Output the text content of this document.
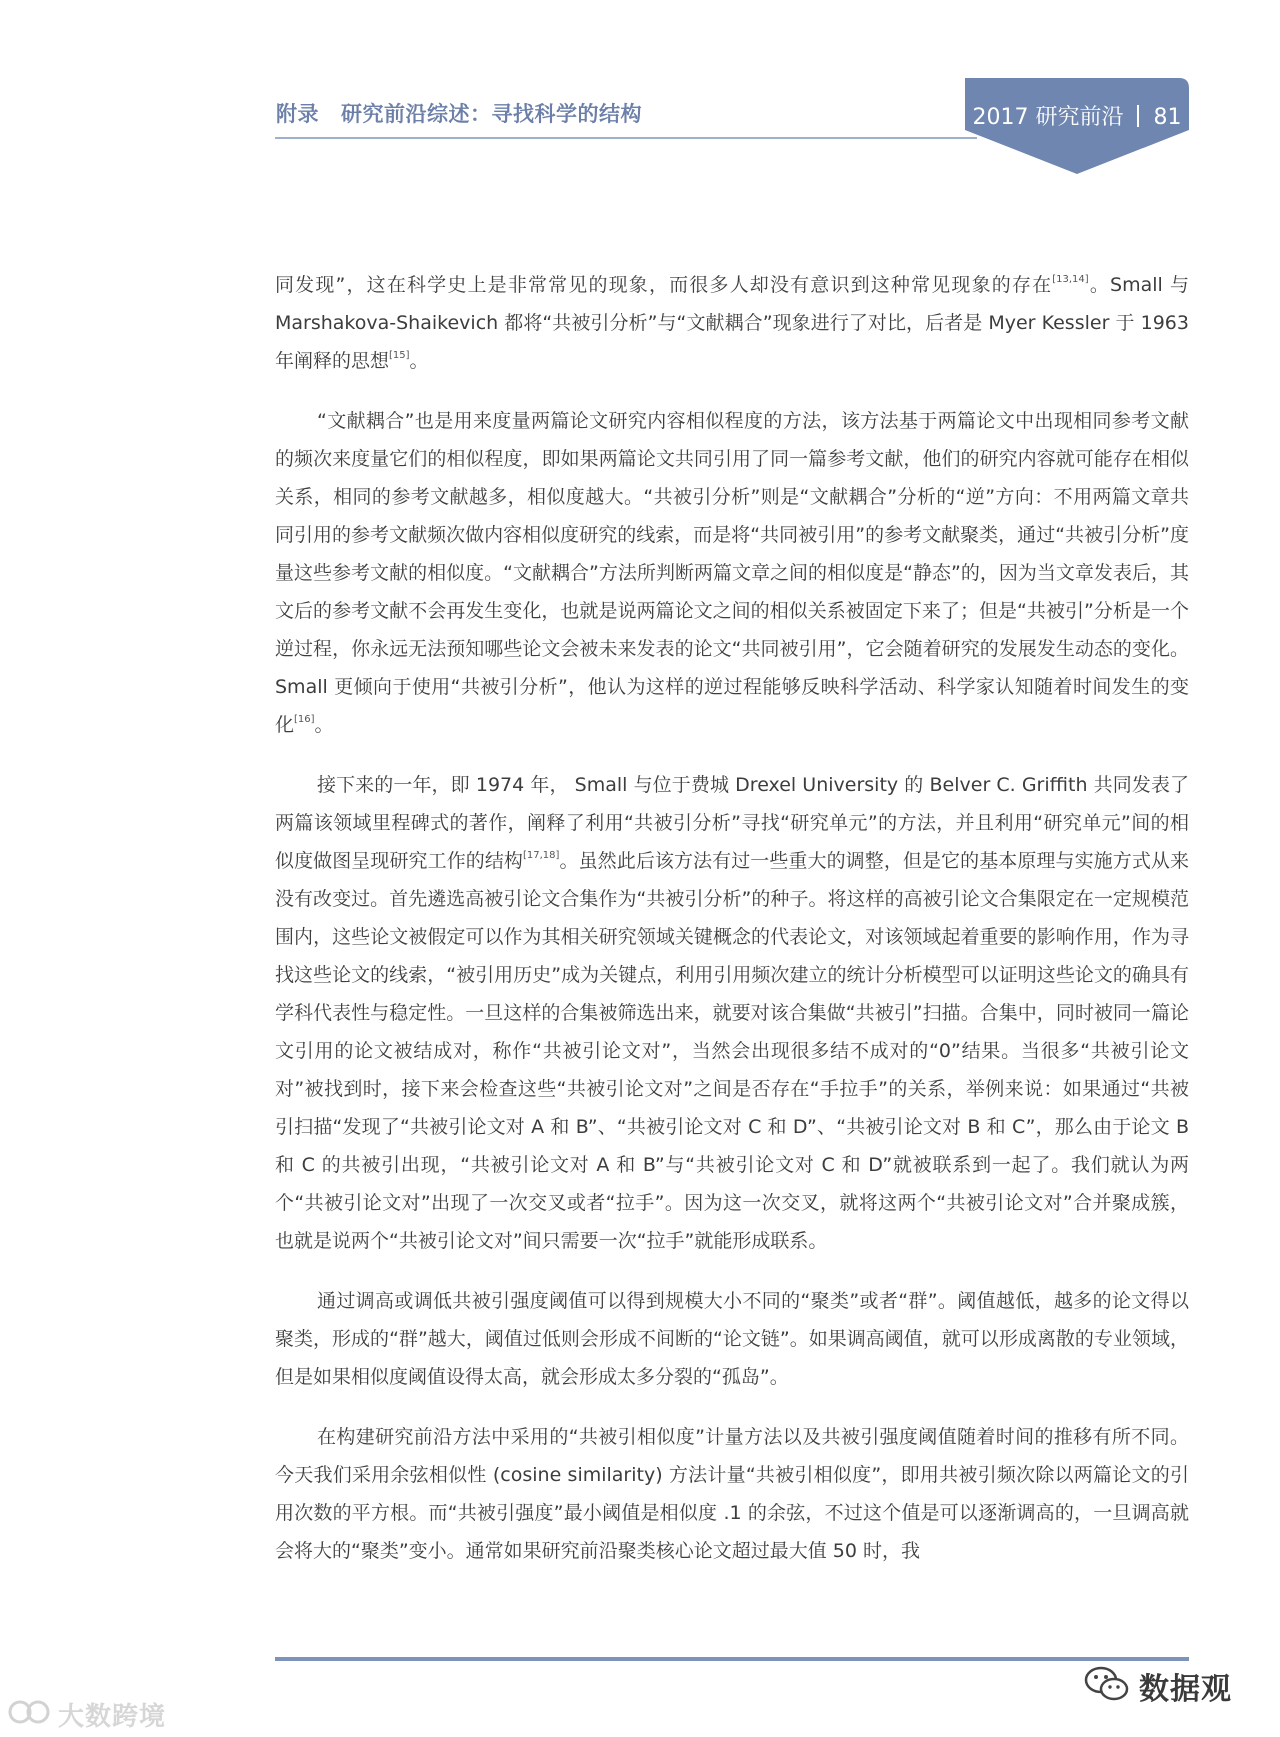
附录 研究前沿综述：寻找科学的结构	2017 研究前沿 81

同发现”，这在科学史上是非常常见的现象，而很多人却没有意识到这种常见现象的存在[13,14]。Small 与 Marshakova-Shaikevich 都将“共被引分析”与“文献耦合”现象进行了对比，后者是 Myer Kessler 于 1963 年阐释的思想[15]。

“文献耦合”也是用来度量两篇论文研究内容相似程度的方法，该方法基于两篇论文中出现相同参考文献的频次来度量它们的相似程度，即如果两篇论文共同引用了同一篇参考文献，他们的研究内容就可能存在相似关系，相同的参考文献越多，相似度越大。“共被引分析”则是“文献耦合”分析的“逆”方向：不用两篇文章共同引用的参考文献频次做内容相似度研究的线索，而是将“共同被引用”的参考文献聚类，通过“共被引分析”度量这些参考文献的相似度。“文献耦合”方法所判断两篇文章之间的相似度是“静态”的，因为当文章发表后，其文后的参考文献不会再发生变化，也就是说两篇论文之间的相似关系被固定下来了；但是“共被引”分析是一个逆过程，你永远无法预知哪些论文会被未来发表的论文“共同被引用”，它会随着研究的发展发生动态的变化。Small 更倾向于使用“共被引分析”，他认为这样的逆过程能够反映科学活动、科学家认知随着时间发生的变化[16]。

接下来的一年，即 1974 年， Small 与位于费城 Drexel University 的 Belver C. Griffith 共同发表了两篇该领域里程碑式的著作，阐释了利用“共被引分析”寻找“研究单元”的方法，并且利用“研究单元”间的相似度做图呈现研究工作的结构[17,18]。虽然此后该方法有过一些重大的调整，但是它的基本原理与实施方式从来没有改变过。首先遴选高被引论文合集作为“共被引分析”的种子。将这样的高被引论文合集限定在一定规模范围内，这些论文被假定可以作为其相关研究领域关键概念的代表论文，对该领域起着重要的影响作用，作为寻找这些论文的线索，“被引用历史”成为关键点，利用引用频次建立的统计分析模型可以证明这些论文的确具有学科代表性与稳定性。一旦这样的合集被筛选出来，就要对该合集做“共被引”扫描。合集中，同时被同一篇论文引用的论文被结成对，称作“共被引论文对”，当然会出现很多结不成对的“0”结果。当很多“共被引论文对”被找到时，接下来会检查这些“共被引论文对”之间是否存在“手拉手”的关系，举例来说：如果通过“共被引扫描“发现了“共被引论文对 A 和 B”、“共被引论文对 C 和 D”、“共被引论文对 B 和 C”，那么由于论文 B 和 C 的共被引出现，“共被引论文对 A 和 B”与“共被引论文对 C 和 D”就被联系到一起了。我们就认为两个“共被引论文对”出现了一次交叉或者“拉手”。因为这一次交叉，就将这两个“共被引论文对”合并聚成簇，也就是说两个“共被引论文对”间只需要一次“拉手”就能形成联系。

通过调高或调低共被引强度阈值可以得到规模大小不同的“聚类”或者“群”。阈值越低，越多的论文得以聚类，形成的“群”越大，阈值过低则会形成不间断的“论文链”。如果调高阈值，就可以形成离散的专业领域，但是如果相似度阈值设得太高，就会形成太多分裂的“孤岛”。

在构建研究前沿方法中采用的“共被引相似度”计量方法以及共被引强度阈值随着时间的推移有所不同。今天我们采用余弦相似性 (cosine similarity) 方法计量“共被引相似度”，即用共被引频次除以两篇论文的引用次数的平方根。而“共被引强度”最小阈值是相似度 .1 的余弦，不过这个值是可以逐渐调高的，一旦调高就会将大的“聚类”变小。通常如果研究前沿聚类核心论文超过最大值 50 时，我

数据观
大数跨境
